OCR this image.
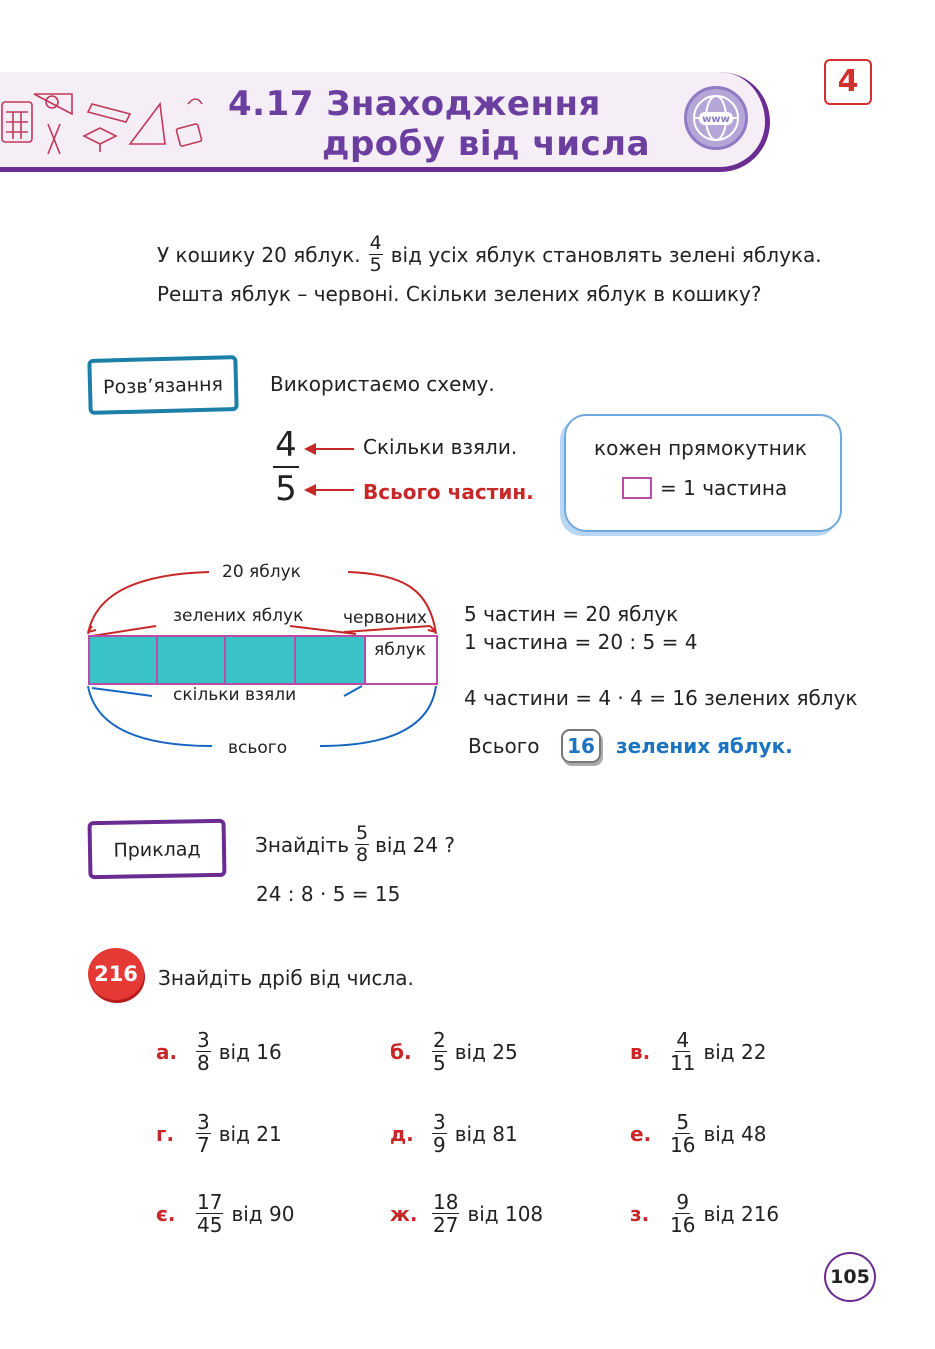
4.17 Знаходження
дробу від числа
www
4
У кошику 20 яблук. $\frac{4}{5}$ від усіх яблук становлять зелені яблука.
Решта яблук – червоні. Скільки зелених яблук в кошику?
Розв’язання	Використаємо схему.
4
5
Скільки взяли.
Всього частин.
кожен прямокутник
= 1 частина
20 яблук
зелених яблук червоних
яблук
скільки взяли
всього
5 частин = 20 яблук
1 частина = 20 : 5 = 4
4 частини = 4 · 4 = 16 зелених яблук
Всього	16	зелених яблук.
Приклад	Знайдіть $\frac{5}{8}$ від 24 ?
24 : 8 · 5 = 15
216	Знайдіть дріб від числа.
а. $\frac{3}{8}$ від 16	б. $\frac{2}{5}$ від 25	в. $\frac{4}{11}$ від 22
г. $\frac{3}{7}$ від 21	д. $\frac{3}{9}$ від 81	е. $\frac{5}{16}$ від 48
є. $\frac{17}{45}$ від 90	ж. $\frac{18}{27}$ від 108	з. $\frac{9}{16}$ від 216
105
